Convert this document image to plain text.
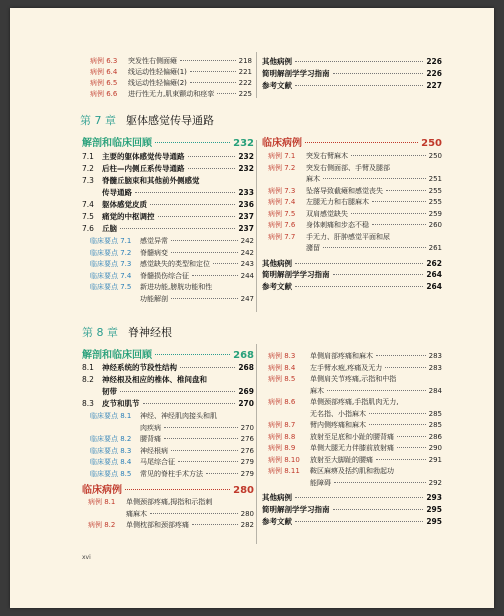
病例 6.3	突发性右侧面瘫	218
病例 6.4	线运动性轻偏瘫(1)	221
病例 6.5	线运动性轻偏瘫(2)	222
病例 6.6	进行性无力,肌束颤动和痉挛	225
其他病例	226
简明解剖学学习指南	226
参考文献	227
第 7 章 躯体感觉传导通路
解剖和临床回顾	232
7.1 主要的躯体感觉传导通路	232
7.2 后柱—内侧丘系传导通路	232
7.3 脊髓丘脑束和其他前外侧感觉
传导通路	233
7.4 躯体感觉皮质	236
7.5 痛觉的中枢调控	237
7.6 丘脑	237
临床要点 7.1	感觉异常	242
临床要点 7.2	脊髓病变	242
临床要点 7.3	感觉缺失的类型和定位	243
临床要点 7.4	脊髓损伤综合征	244
临床要点 7.5	新进功能,膀胱功能和性
功能解剖	247
临床病例	250
病例 7.1	突发右臂麻木	250
病例 7.2	突发右侧面部、手臂及腿部
麻木	251
病例 7.3	坠落导致截瘫和感觉丧失	255
病例 7.4	左腿无力和右腿麻木	255
病例 7.5	双肩感觉缺失	259
病例 7.6	身体刺痛和步态不稳	260
病例 7.7	手无力、肝肿感觉平面和尿
潴留	261
其他病例	262
简明解剖学学习指南	264
参考文献	264
第 8 章 脊神经根
解剖和临床回顾	268
8.1 神经系统的节段性结构	268
8.2 神经根及相应的椎体、椎间盘和
韧带	269
8.3 皮节和肌节	270
临床要点 8.1	神经、神经肌肉接头和肌
肉疾病	270
临床要点 8.2	腰背痛	276
临床要点 8.3	神经根病	276
临床要点 8.4	马尾综合征	279
临床要点 8.5	常见的脊柱手术方法	279
临床病例	280
病例 8.1	单侧颈部疼痛,拇指和示指刺
痛麻木	280
病例 8.2	单侧枕部和颈部疼痛	282
病例 8.3	单侧肩部疼痛和麻木	283
病例 8.4	左手臂水疱,疼痛及无力	283
病例 8.5	单侧肩关节疼痛,示指和中指
麻木	284
病例 8.6	单侧颈部疼痛,手指肌肉无力,
无名指、小指麻木	285
病例 8.7	臂内侧疼痛和麻木	285
病例 8.8	放射至足底和小趾的腰背痛	286
病例 8.9	单侧大腿无力伴膝前放射痛	290
病例 8.10	放射至大脚趾的腰痛	291
病例 8.11	鞍区麻痹及括约肌和勃起功
能障碍	292
其他病例	293
简明解剖学学习指南	295
参考文献	295
xvi
